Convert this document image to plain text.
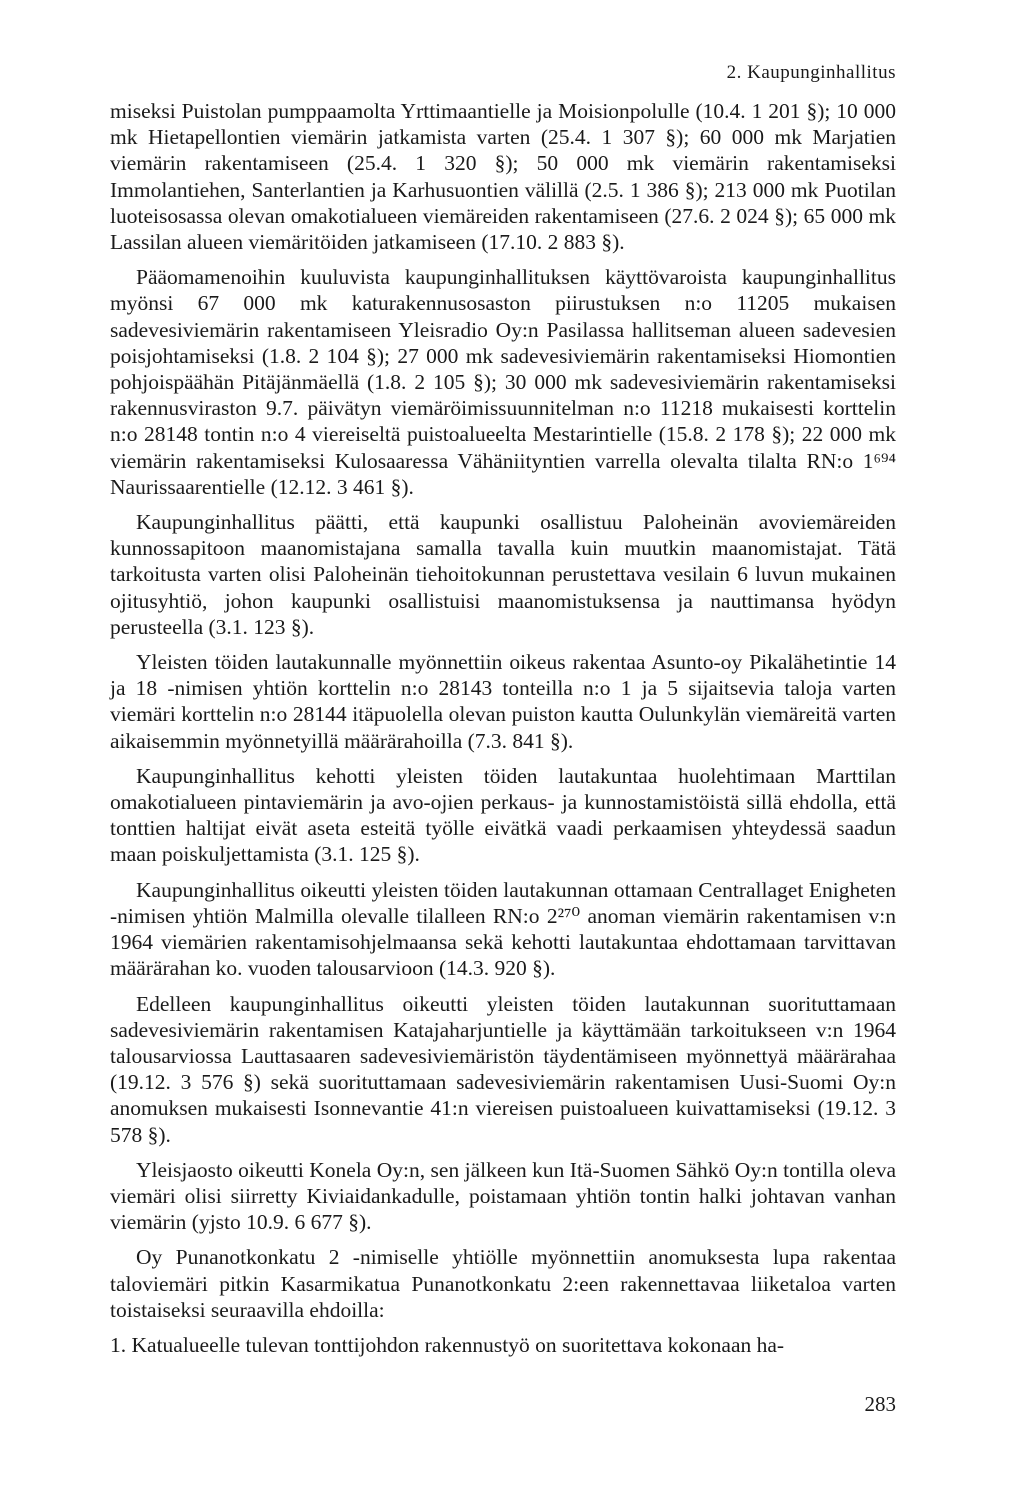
2. Kaupunginhallitus

miseksi Puistolan pumppaamolta Yrttimaantielle ja Moisionpolulle (10.4. 1 201 §); 10 000 mk Hietapellontien viemärin jatkamista varten (25.4. 1 307 §); 60 000 mk Marjatien viemärin rakentamiseen (25.4. 1 320 §); 50 000 mk viemärin rakentamiseksi Immolantiehen, Santerlantien ja Karhusuontien välillä (2.5. 1 386 §); 213 000 mk Puotilan luoteisosassa olevan omakotialueen viemäreiden rakentamiseen (27.6. 2 024 §); 65 000 mk Lassilan alueen viemäritöiden jatkamiseen (17.10. 2 883 §).

Pääomamenoihin kuuluvista kaupunginhallituksen käyttövaroista kaupunginhallitus myönsi 67 000 mk katurakennusosaston piirustuksen n:o 11205 mukaisen sadevesiviemärin rakentamiseen Yleisradio Oy:n Pasilassa hallitseman alueen sadevesien poisjohtamiseksi (1.8. 2 104 §); 27 000 mk sadevesiviemärin rakentamiseksi Hiomontien pohjoispäähän Pitäjänmäellä (1.8. 2 105 §); 30 000 mk sadevesiviemärin rakentamiseksi rakennusviraston 9.7. päivätyn viemäröimissuunnitelman n:o 11218 mukaisesti korttelin n:o 28148 tontin n:o 4 viereiseltä puistoalueelta Mestarintielle (15.8. 2 178 §); 22 000 mk viemärin rakentamiseksi Kulosaaressa Vähäniityntien varrella olevalta tilalta RN:o 1⁶⁹⁴ Naurissaarentielle (12.12. 3 461 §).

Kaupunginhallitus päätti, että kaupunki osallistuu Paloheinän avoviemäreiden kunnossapitoon maanomistajana samalla tavalla kuin muutkin maanomistajat. Tätä tarkoitusta varten olisi Paloheinän tiehoitokunnan perustettava vesilain 6 luvun mukainen ojitusyhtiö, johon kaupunki osallistuisi maanomistuksensa ja nauttimansa hyödyn perusteella (3.1. 123 §).

Yleisten töiden lautakunnalle myönnettiin oikeus rakentaa Asunto-oy Pikalähetintie 14 ja 18 -nimisen yhtiön korttelin n:o 28143 tonteilla n:o 1 ja 5 sijaitsevia taloja varten viemäri korttelin n:o 28144 itäpuolella olevan puiston kautta Oulunkylän viemäreitä varten aikaisemmin myönnetyillä määrärahoilla (7.3. 841 §).

Kaupunginhallitus kehotti yleisten töiden lautakuntaa huolehtimaan Marttilan omakotialueen pintaviemärin ja avo-ojien perkaus- ja kunnostamistöistä sillä ehdolla, että tonttien haltijat eivät aseta esteitä työlle eivätkä vaadi perkaamisen yhteydessä saadun maan poiskuljettamista (3.1. 125 §).

Kaupunginhallitus oikeutti yleisten töiden lautakunnan ottamaan Centrallaget Enigheten -nimisen yhtiön Malmilla olevalle tilalleen RN:o 2²⁷⁰ anoman viemärin rakentamisen v:n 1964 viemärien rakentamisohjelmaansa sekä kehotti lautakuntaa ehdottamaan tarvittavan määrärahan ko. vuoden talousarvioon (14.3. 920 §).

Edelleen kaupunginhallitus oikeutti yleisten töiden lautakunnan suorituttamaan sadevesiviemärin rakentamisen Katajaharjuntielle ja käyttämään tarkoitukseen v:n 1964 talousarviossa Lauttasaaren sadevesiviemäristön täydentämiseen myönnettyä määrärahaa (19.12. 3 576 §) sekä suorituttamaan sadevesiviemärin rakentamisen Uusi-Suomi Oy:n anomuksen mukaisesti Isonnevantie 41:n viereisen puistoalueen kuivattamiseksi (19.12. 3 578 §).

Yleisjaosto oikeutti Konela Oy:n, sen jälkeen kun Itä-Suomen Sähkö Oy:n tontilla oleva viemäri olisi siirretty Kiviaidankadulle, poistamaan yhtiön tontin halki johtavan vanhan viemärin (yjsto 10.9. 6 677 §).

Oy Punanotkonkatu 2 -nimiselle yhtiölle myönnettiin anomuksesta lupa rakentaa taloviemäri pitkin Kasarmikatua Punanotkonkatu 2:een rakennettavaa liiketaloa varten toistaiseksi seuraavilla ehdoilla:

1. Katualueelle tulevan tonttijohdon rakennustyö on suoritettava kokonaan ha-

283
